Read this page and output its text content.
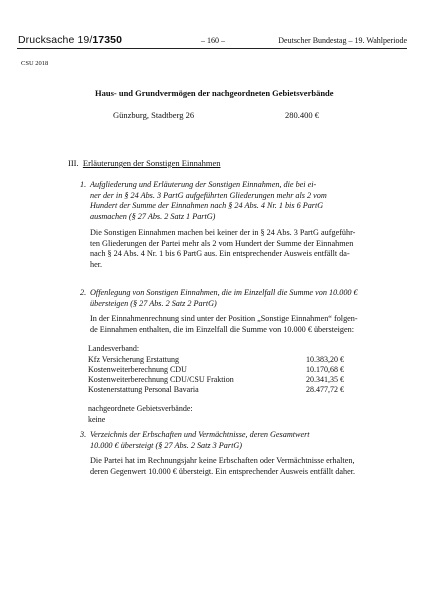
Drucksache 19/17350	– 160 –	Deutscher Bundestag – 19. Wahlperiode
CSU 2018
Haus- und Grundvermögen der nachgeordneten Gebietsverbände
Günzburg, Stadtberg 26	280.400 €
III. Erläuterungen der Sonstigen Einnahmen
1. Aufgliederung und Erläuterung der Sonstigen Einnahmen, die bei ei-
ner der in § 24 Abs. 3 PartG aufgeführten Gliederungen mehr als 2 vom
Hundert der Summe der Einnahmen nach § 24 Abs. 4 Nr. 1 bis 6 PartG
ausmachen (§ 27 Abs. 2 Satz 1 PartG)
Die Sonstigen Einnahmen machen bei keiner der in § 24 Abs. 3 PartG aufgeführ-
ten Gliederungen der Partei mehr als 2 vom Hundert der Summe der Einnahmen
nach § 24 Abs. 4 Nr. 1 bis 6 PartG aus. Ein entsprechender Ausweis entfällt da-
her.
2. Offenlegung von Sonstigen Einnahmen, die im Einzelfall die Summe von 10.000 €
übersteigen (§ 27 Abs. 2 Satz 2 PartG)
In der Einnahmenrechnung sind unter der Position „Sonstige Einnahmen“ folgen-
de Einnahmen enthalten, die im Einzelfall die Summe von 10.000 € übersteigen:
Landesverband:
Kfz Versicherung Erstattung	10.383,20 €
Kostenweiterberechnung CDU	10.170,68 €
Kostenweiterberechnung CDU/CSU Fraktion	20.341,35 €
Kostenerstattung Personal Bavaria	28.477,72 €
nachgeordnete Gebietsverbände:
keine
3. Verzeichnis der Erbschaften und Vermächtnisse, deren Gesamtwert
10.000 € übersteigt (§ 27 Abs. 2 Satz 3 PartG)
Die Partei hat im Rechnungsjahr keine Erbschaften oder Vermächtnisse erhalten,
deren Gegenwert 10.000 € übersteigt. Ein entsprechender Ausweis entfällt daher.
